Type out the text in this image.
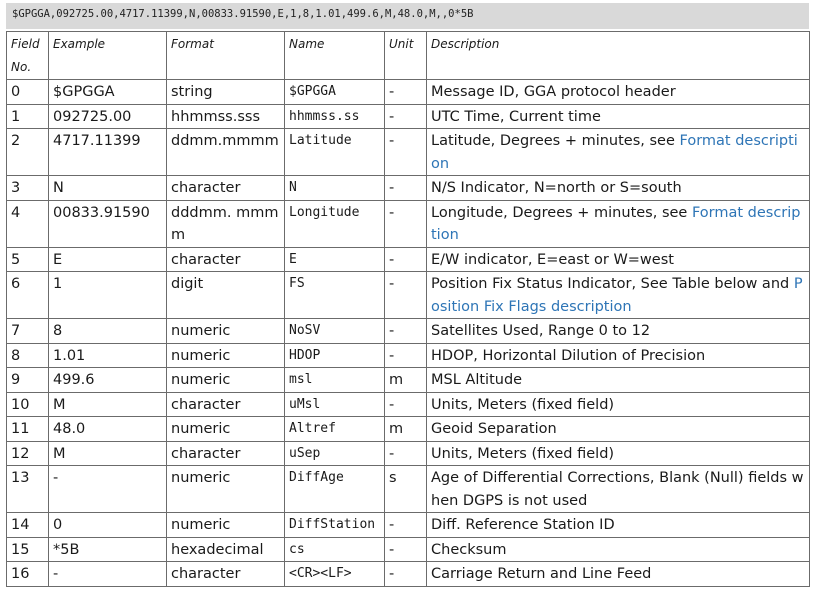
$GPGGA,092725.00,4717.11399,N,00833.91590,E,1,8,1.01,499.6,M,48.0,M,,0*5B
Field No.	Example	Format	Name	Unit	Description
0	$GPGGA	string	$GPGGA	-	Message ID, GGA protocol header
1	092725.00	hhmmss.sss	hhmmss.ss	-	UTC Time, Current time
2	4717.11399	ddmm.mmmm	Latitude	-	Latitude, Degrees + minutes, see Format description
3	N	character	N	-	N/S Indicator, N=north or S=south
4	00833.91590	dddmm. mmmm	Longitude	-	Longitude, Degrees + minutes, see Format description
5	E	character	E	-	E/W indicator, E=east or W=west
6	1	digit	FS	-	Position Fix Status Indicator, See Table below and Position Fix Flags description
7	8	numeric	NoSV	-	Satellites Used, Range 0 to 12
8	1.01	numeric	HDOP	-	HDOP, Horizontal Dilution of Precision
9	499.6	numeric	msl	m	MSL Altitude
10	M	character	uMsl	-	Units, Meters (fixed field)
11	48.0	numeric	Altref	m	Geoid Separation
12	M	character	uSep	-	Units, Meters (fixed field)
13	-	numeric	DiffAge	s	Age of Differential Corrections, Blank (Null) fields when DGPS is not used
14	0	numeric	DiffStation	-	Diff. Reference Station ID
15	*5B	hexadecimal	cs	-	Checksum
16	-	character	<CR><LF>	-	Carriage Return and Line Feed
